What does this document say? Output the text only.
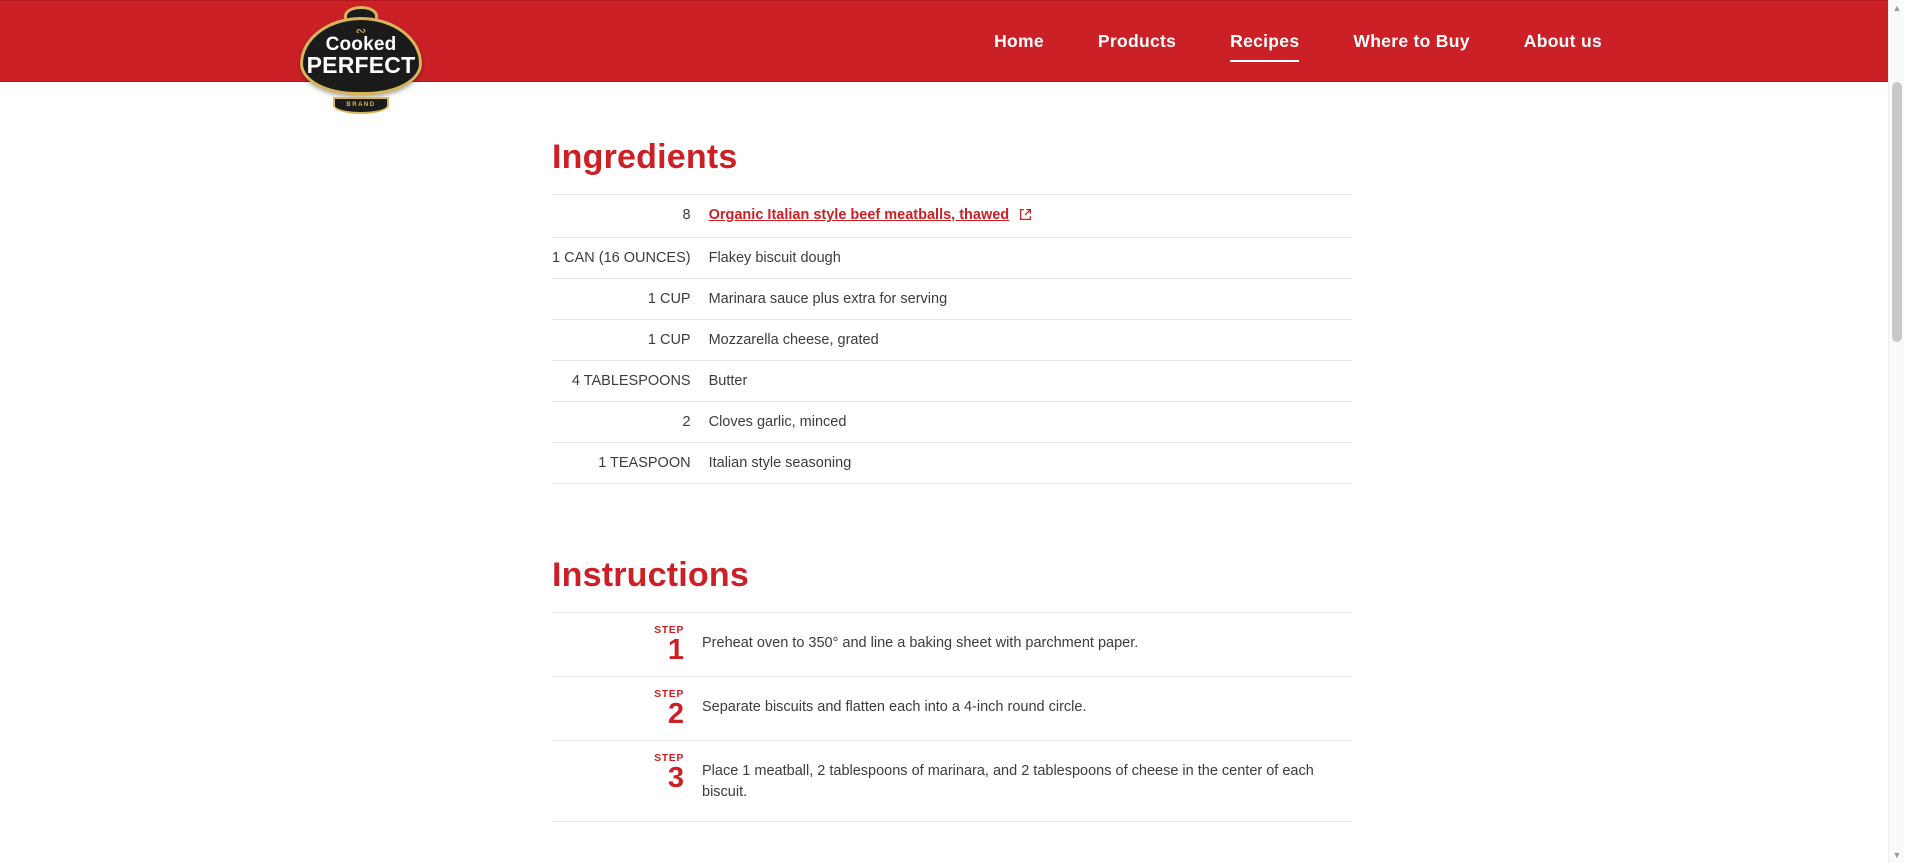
∾
Cooked
PERFECT
BRAND
Home	Products	Recipes	Where to Buy	About us
Ingredients
8	Organic Italian style beef meatballs, thawed
1 CAN (16 OUNCES)	Flakey biscuit dough
1 CUP	Marinara sauce plus extra for serving
1 CUP	Mozzarella cheese, grated
4 TABLESPOONS	Butter
2	Cloves garlic, minced
1 TEASPOON	Italian style seasoning
Instructions
STEP
1	Preheat oven to 350° and line a baking sheet with parchment paper.

STEP
2	Separate biscuits and flatten each into a 4-inch round circle.

STEP
3	Place 1 meatball, 2 tablespoons of marinara, and 2 tablespoons of cheese in the center of each biscuit.
▲
▼
